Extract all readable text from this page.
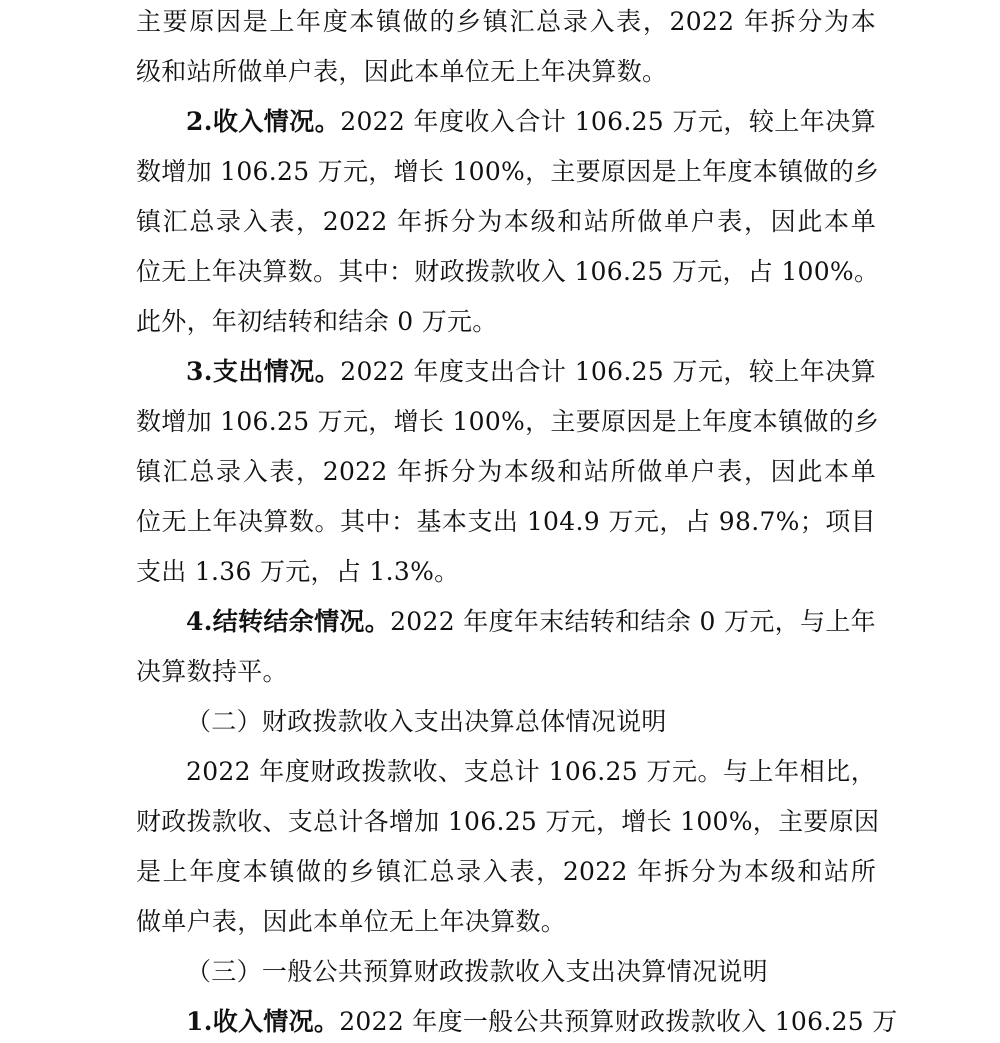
主要原因是上年度本镇做的乡镇汇总录入表，2022 年拆分为本
级和站所做单户表，因此本单位无上年决算数。
2.收入情况。2022 年度收入合计 106.25 万元，较上年决算
数增加 106.25 万元，增长 100%，主要原因是上年度本镇做的乡
镇汇总录入表，2022 年拆分为本级和站所做单户表，因此本单
位无上年决算数。其中：财政拨款收入 106.25 万元，占 100%。
此外，年初结转和结余 0 万元。
3.支出情况。2022 年度支出合计 106.25 万元，较上年决算
数增加 106.25 万元，增长 100%，主要原因是上年度本镇做的乡
镇汇总录入表，2022 年拆分为本级和站所做单户表，因此本单
位无上年决算数。其中：基本支出 104.9 万元，占 98.7%；项目
支出 1.36 万元，占 1.3%。
4.结转结余情况。2022 年度年末结转和结余 0 万元，与上年
决算数持平。
（二）财政拨款收入支出决算总体情况说明
2022 年度财政拨款收、支总计 106.25 万元。与上年相比，
财政拨款收、支总计各增加 106.25 万元，增长 100%，主要原因
是上年度本镇做的乡镇汇总录入表，2022 年拆分为本级和站所
做单户表，因此本单位无上年决算数。
（三）一般公共预算财政拨款收入支出决算情况说明
1.收入情况。2022 年度一般公共预算财政拨款收入 106.25 万
